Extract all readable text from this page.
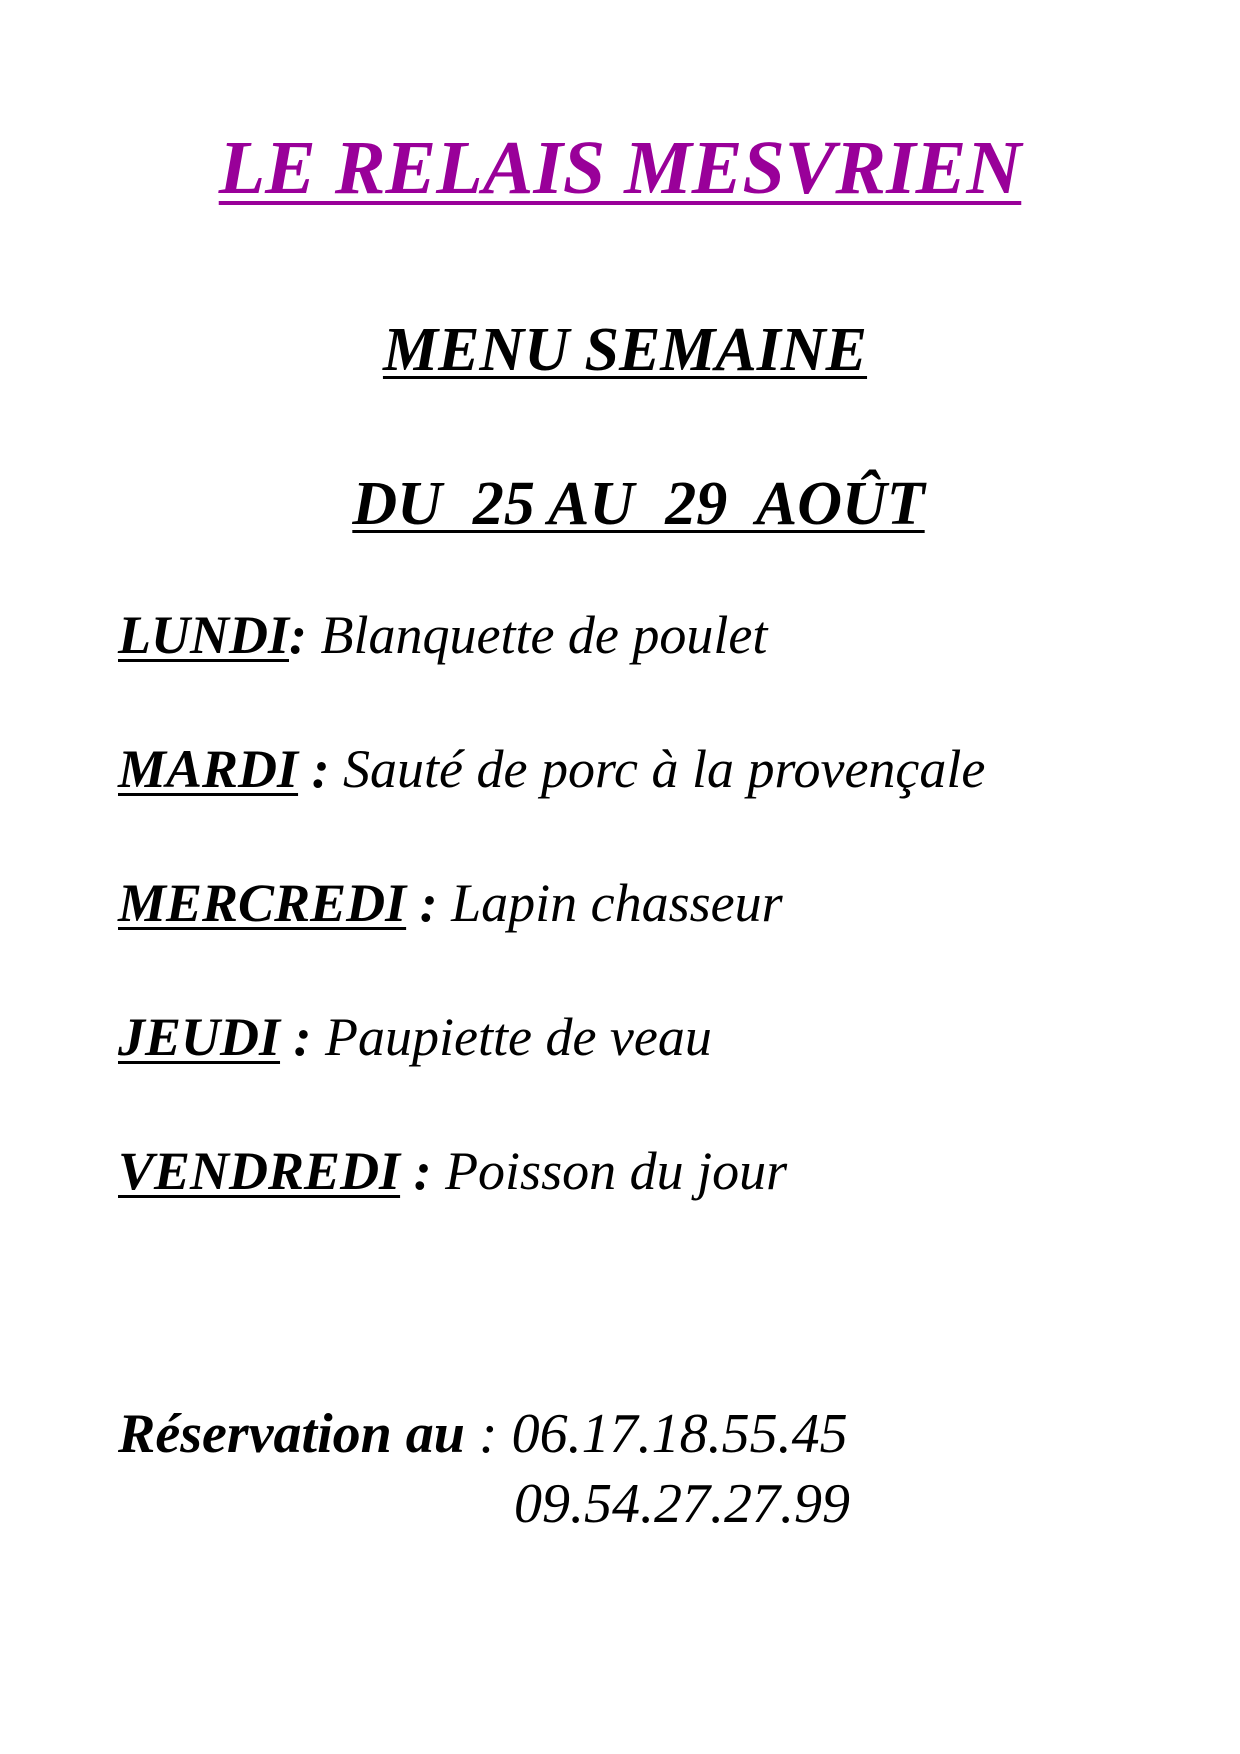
LE RELAIS MESVRIEN
MENU SEMAINE

DU  25 AU  29  AOÛT

LUNDI: Blanquette de poulet
MARDI : Sauté de porc à la provençale
MERCREDI : Lapin chasseur
JEUDI : Paupiette de veau
VENDREDI : Poisson du jour
Réservation au : 06.17.18.55.45
09.54.27.27.99
